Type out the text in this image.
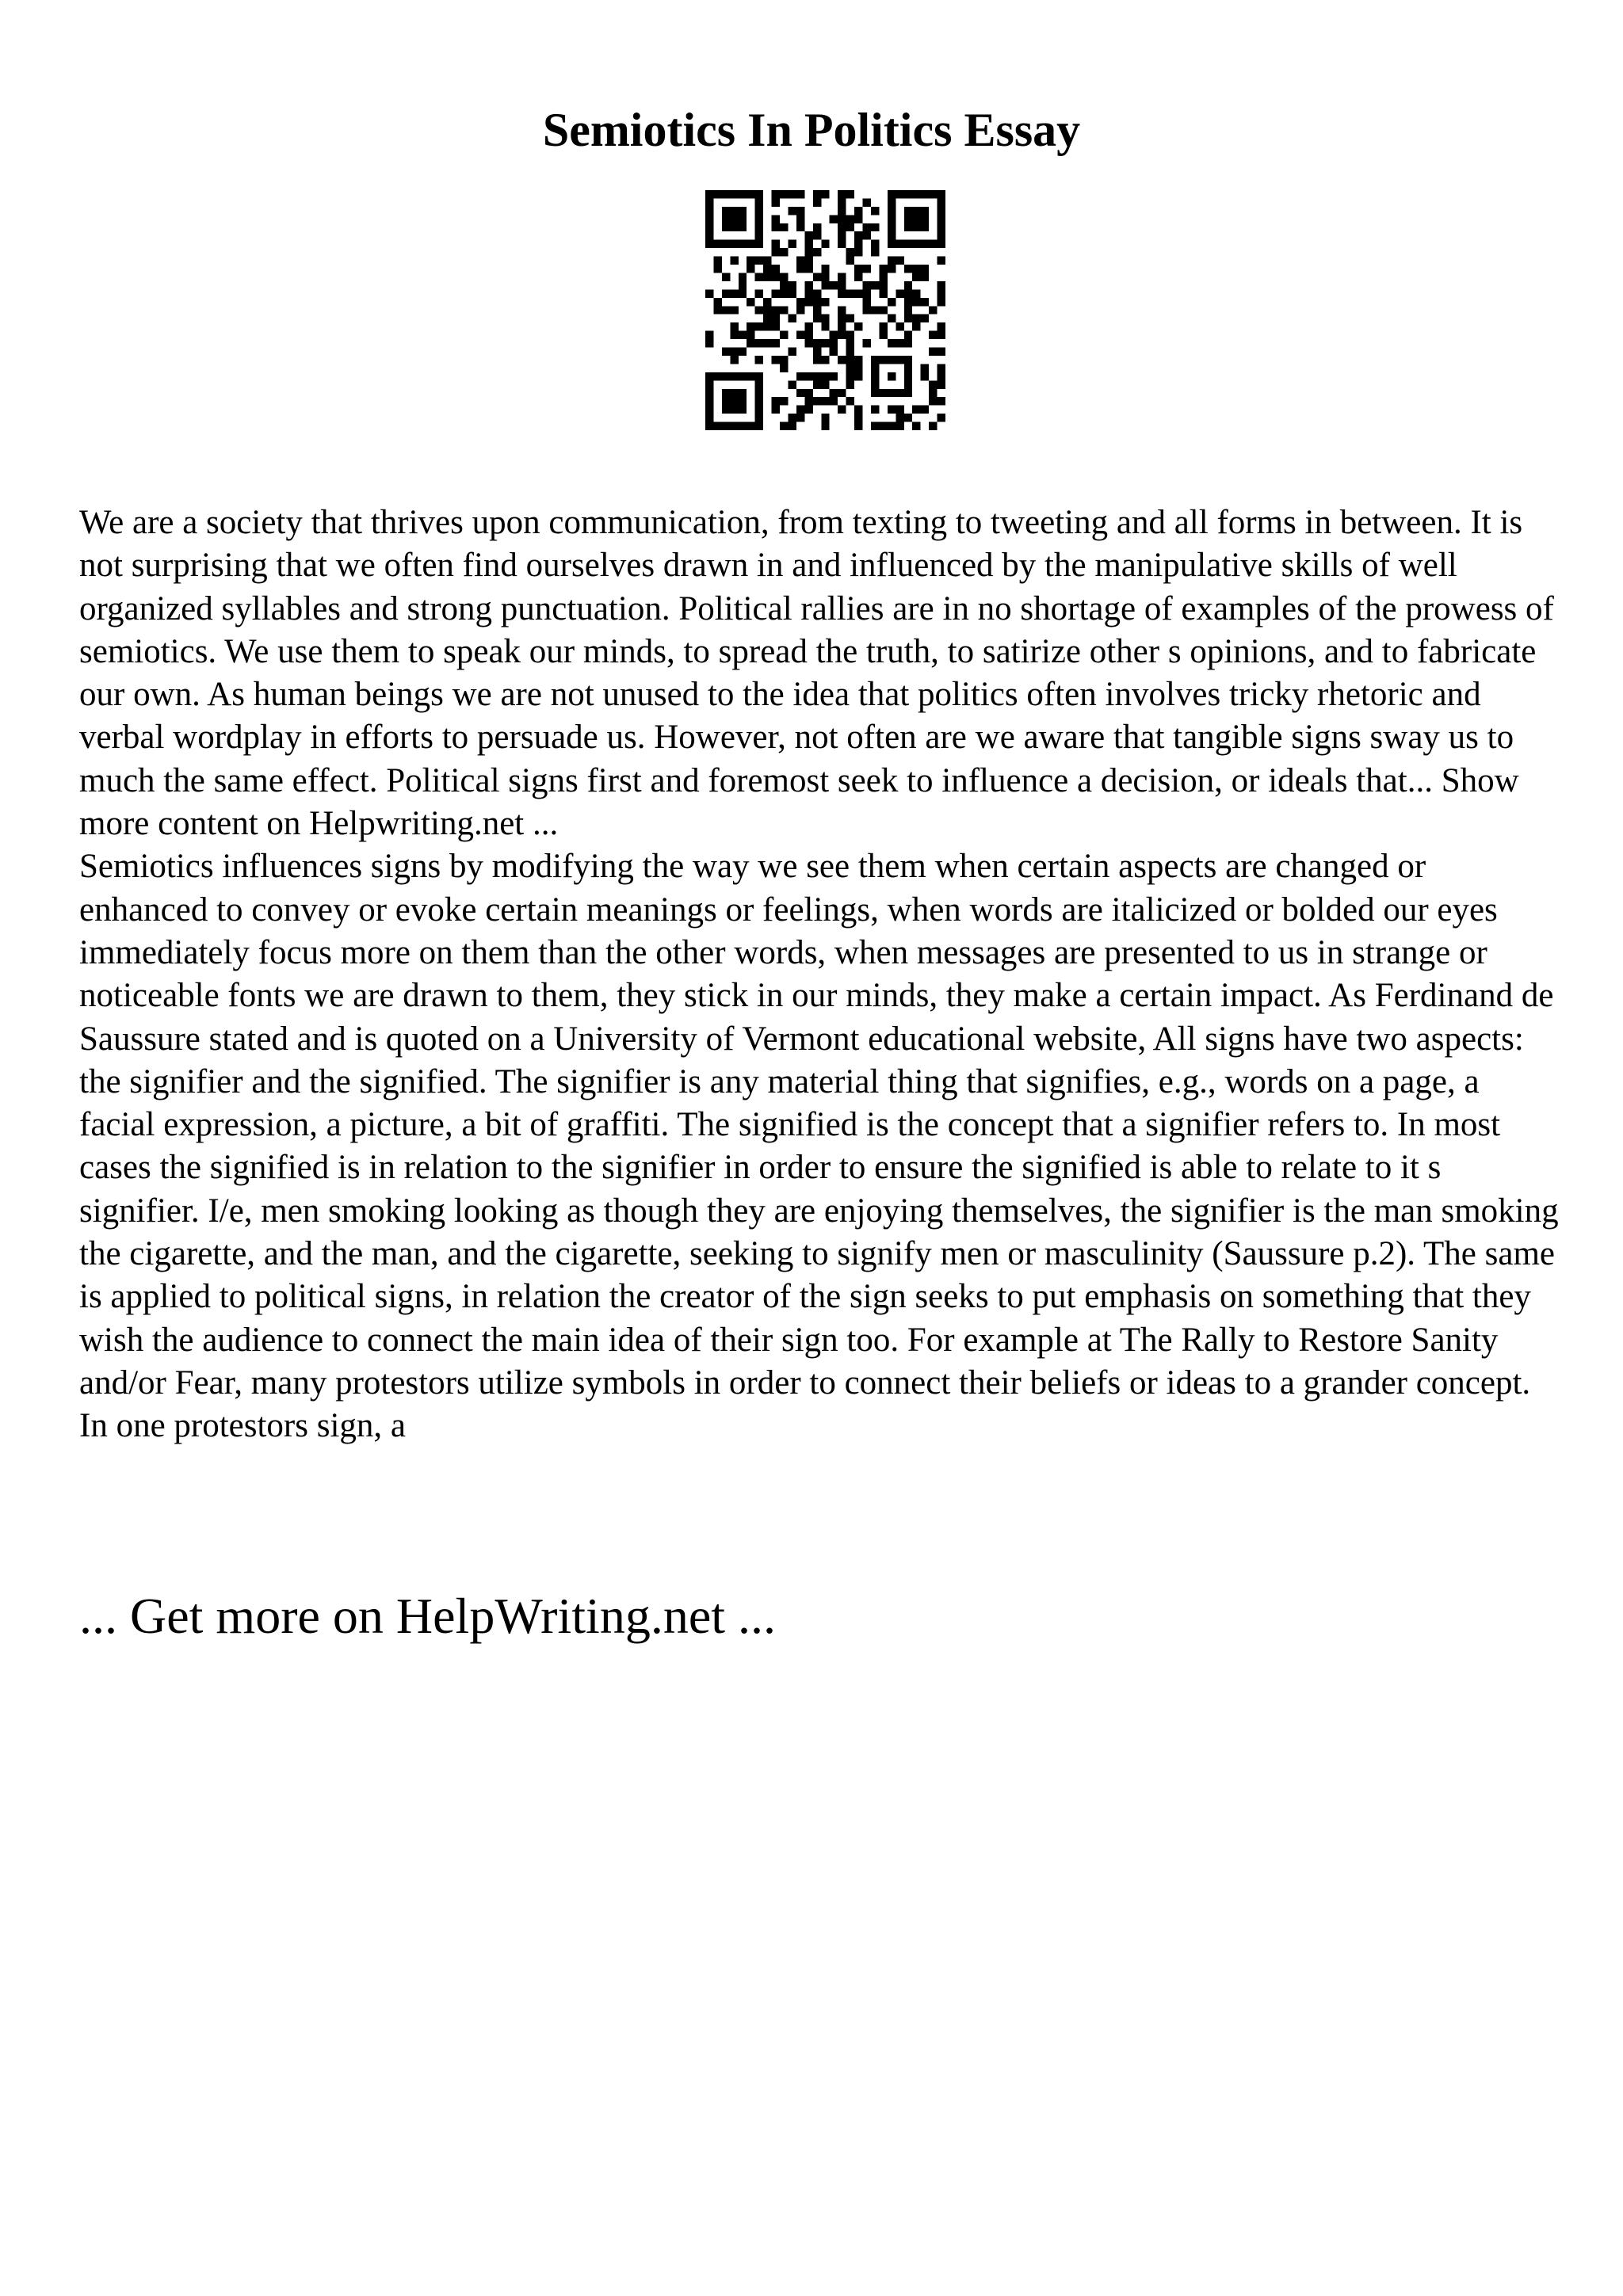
Semiotics In Politics Essay

We are a society that thrives upon communication, from texting to tweeting and all forms in between. It is not surprising that we often find ourselves drawn in and influenced by the manipulative skills of well organized syllables and strong punctuation. Political rallies are in no shortage of examples of the prowess of semiotics. We use them to speak our minds, to spread the truth, to satirize other s opinions, and to fabricate our own. As human beings we are not unused to the idea that politics often involves tricky rhetoric and verbal wordplay in efforts to persuade us. However, not often are we aware that tangible signs sway us to much the same effect. Political signs first and foremost seek to influence a decision, or ideals that... Show more content on Helpwriting.net ...

Semiotics influences signs by modifying the way we see them when certain aspects are changed or enhanced to convey or evoke certain meanings or feelings, when words are italicized or bolded our eyes immediately focus more on them than the other words, when messages are presented to us in strange or noticeable fonts we are drawn to them, they stick in our minds, they make a certain impact. As Ferdinand de Saussure stated and is quoted on a University of Vermont educational website, All signs have two aspects: the signifier and the signified. The signifier is any material thing that signifies, e.g., words on a page, a facial expression, a picture, a bit of graffiti. The signified is the concept that a signifier refers to. In most cases the signified is in relation to the signifier in order to ensure the signified is able to relate to it s signifier. I/e, men smoking looking as though they are enjoying themselves, the signifier is the man smoking the cigarette, and the man, and the cigarette, seeking to signify men or masculinity (Saussure p.2). The same is applied to political signs, in relation the creator of the sign seeks to put emphasis on something that they wish the audience to connect the main idea of their sign too. For example at The Rally to Restore Sanity and/or Fear, many protestors utilize symbols in order to connect their beliefs or ideas to a grander concept. In one protestors sign, a

... Get more on HelpWriting.net ...
